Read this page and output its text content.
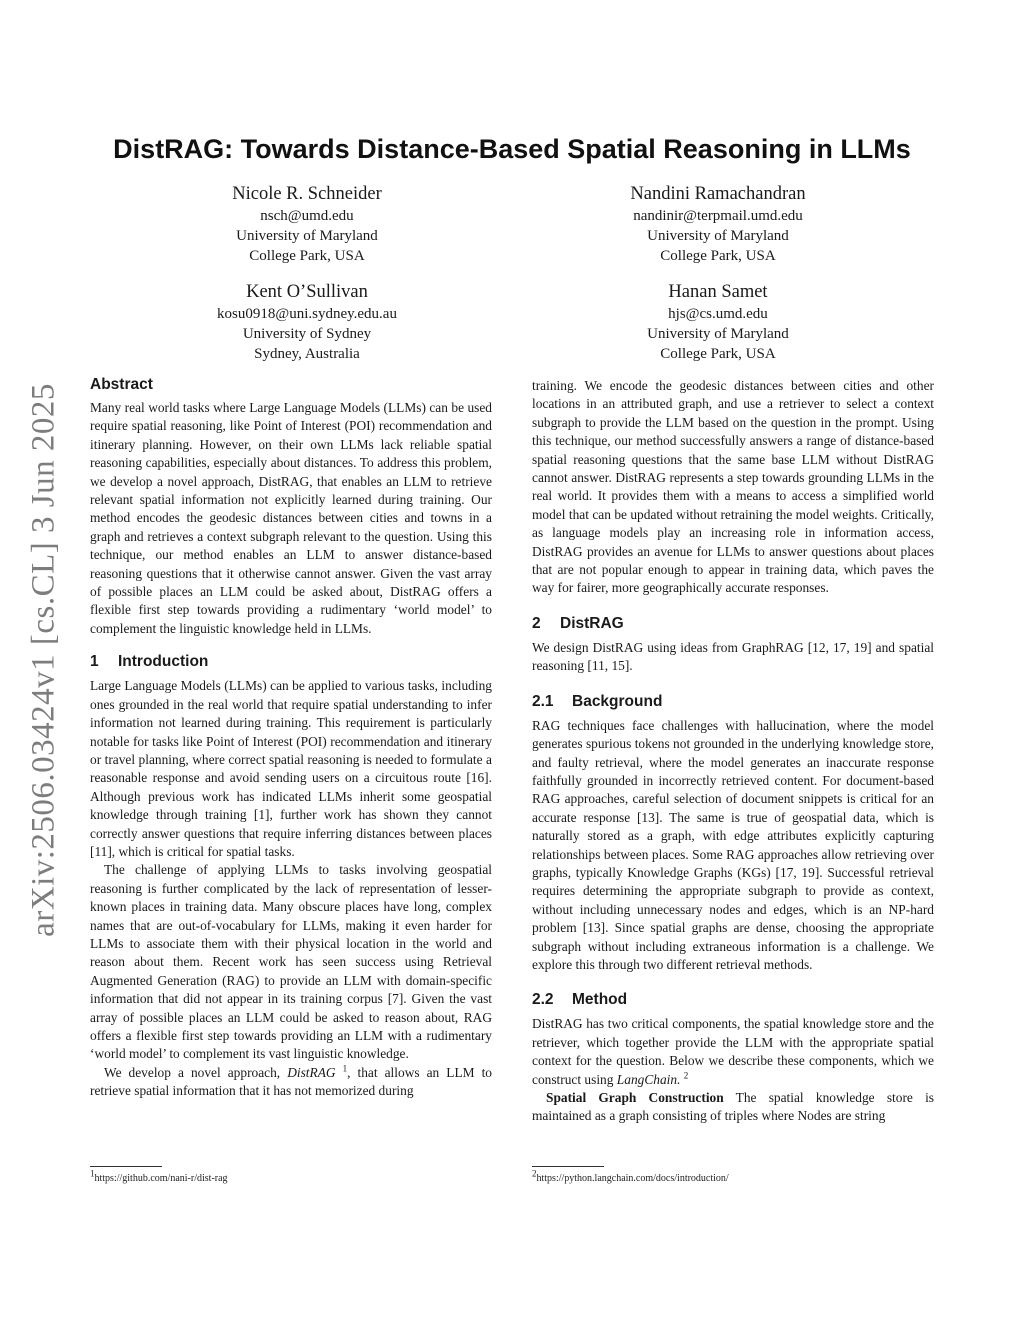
arXiv:2506.03424v1 [cs.CL] 3 Jun 2025
DistRAG: Towards Distance-Based Spatial Reasoning in LLMs
Nicole R. Schneider
nsch@umd.edu
University of Maryland
College Park, USA
Nandini Ramachandran
nandinir@terpmail.umd.edu
University of Maryland
College Park, USA
Kent O’Sullivan
kosu0918@uni.sydney.edu.au
University of Sydney
Sydney, Australia
Hanan Samet
hjs@cs.umd.edu
University of Maryland
College Park, USA
Abstract

Many real world tasks where Large Language Models (LLMs) can be used require spatial reasoning, like Point of Interest (POI) recommendation and itinerary planning. However, on their own LLMs lack reliable spatial reasoning capabilities, especially about distances. To address this problem, we develop a novel approach, DistRAG, that enables an LLM to retrieve relevant spatial information not explicitly learned during training. Our method encodes the geodesic distances between cities and towns in a graph and retrieves a context subgraph relevant to the question. Using this technique, our method enables an LLM to answer distance-based reasoning questions that it otherwise cannot answer. Given the vast array of possible places an LLM could be asked about, DistRAG offers a flexible first step towards providing a rudimentary ‘world model’ to complement the linguistic knowledge held in LLMs.

1 Introduction

Large Language Models (LLMs) can be applied to various tasks, including ones grounded in the real world that require spatial understanding to infer information not learned during training. This requirement is particularly notable for tasks like Point of Interest (POI) recommendation and itinerary or travel planning, where correct spatial reasoning is needed to formulate a reasonable response and avoid sending users on a circuitous route [16]. Although previous work has indicated LLMs inherit some geospatial knowledge through training [1], further work has shown they cannot correctly answer questions that require inferring distances between places [11], which is critical for spatial tasks.

The challenge of applying LLMs to tasks involving geospatial reasoning is further complicated by the lack of representation of lesser-known places in training data. Many obscure places have long, complex names that are out-of-vocabulary for LLMs, making it even harder for LLMs to associate them with their physical location in the world and reason about them. Recent work has seen success using Retrieval Augmented Generation (RAG) to provide an LLM with domain-specific information that did not appear in its training corpus [7]. Given the vast array of possible places an LLM could be asked to reason about, RAG offers a flexible first step towards providing an LLM with a rudimentary ‘world model’ to complement its vast linguistic knowledge.

We develop a novel approach, DistRAG $^1$, that allows an LLM to retrieve spatial information that it has not memorized during

training. We encode the geodesic distances between cities and other locations in an attributed graph, and use a retriever to select a context subgraph to provide the LLM based on the question in the prompt. Using this technique, our method successfully answers a range of distance-based spatial reasoning questions that the same base LLM without DistRAG cannot answer. DistRAG represents a step towards grounding LLMs in the real world. It provides them with a means to access a simplified world model that can be updated without retraining the model weights. Critically, as language models play an increasing role in information access, DistRAG provides an avenue for LLMs to answer questions about places that are not popular enough to appear in training data, which paves the way for fairer, more geographically accurate responses.

2 DistRAG

We design DistRAG using ideas from GraphRAG [12, 17, 19] and spatial reasoning [11, 15].

2.1 Background

RAG techniques face challenges with hallucination, where the model generates spurious tokens not grounded in the underlying knowledge store, and faulty retrieval, where the model generates an inaccurate response faithfully grounded in incorrectly retrieved content. For document-based RAG approaches, careful selection of document snippets is critical for an accurate response [13]. The same is true of geospatial data, which is naturally stored as a graph, with edge attributes explicitly capturing relationships between places. Some RAG approaches allow retrieving over graphs, typically Knowledge Graphs (KGs) [17, 19]. Successful retrieval requires determining the appropriate subgraph to provide as context, without including unnecessary nodes and edges, which is an NP-hard problem [13]. Since spatial graphs are dense, choosing the appropriate subgraph without including extraneous information is a challenge. We explore this through two different retrieval methods.

2.2 Method

DistRAG has two critical components, the spatial knowledge store and the retriever, which together provide the LLM with the appropriate spatial context for the question. Below we describe these components, which we construct using LangChain. $^2$

Spatial Graph Construction The spatial knowledge store is maintained as a graph consisting of triples where Nodes are string

$^1$https://github.com/nani-r/dist-rag	$^2$https://python.langchain.com/docs/introduction/
